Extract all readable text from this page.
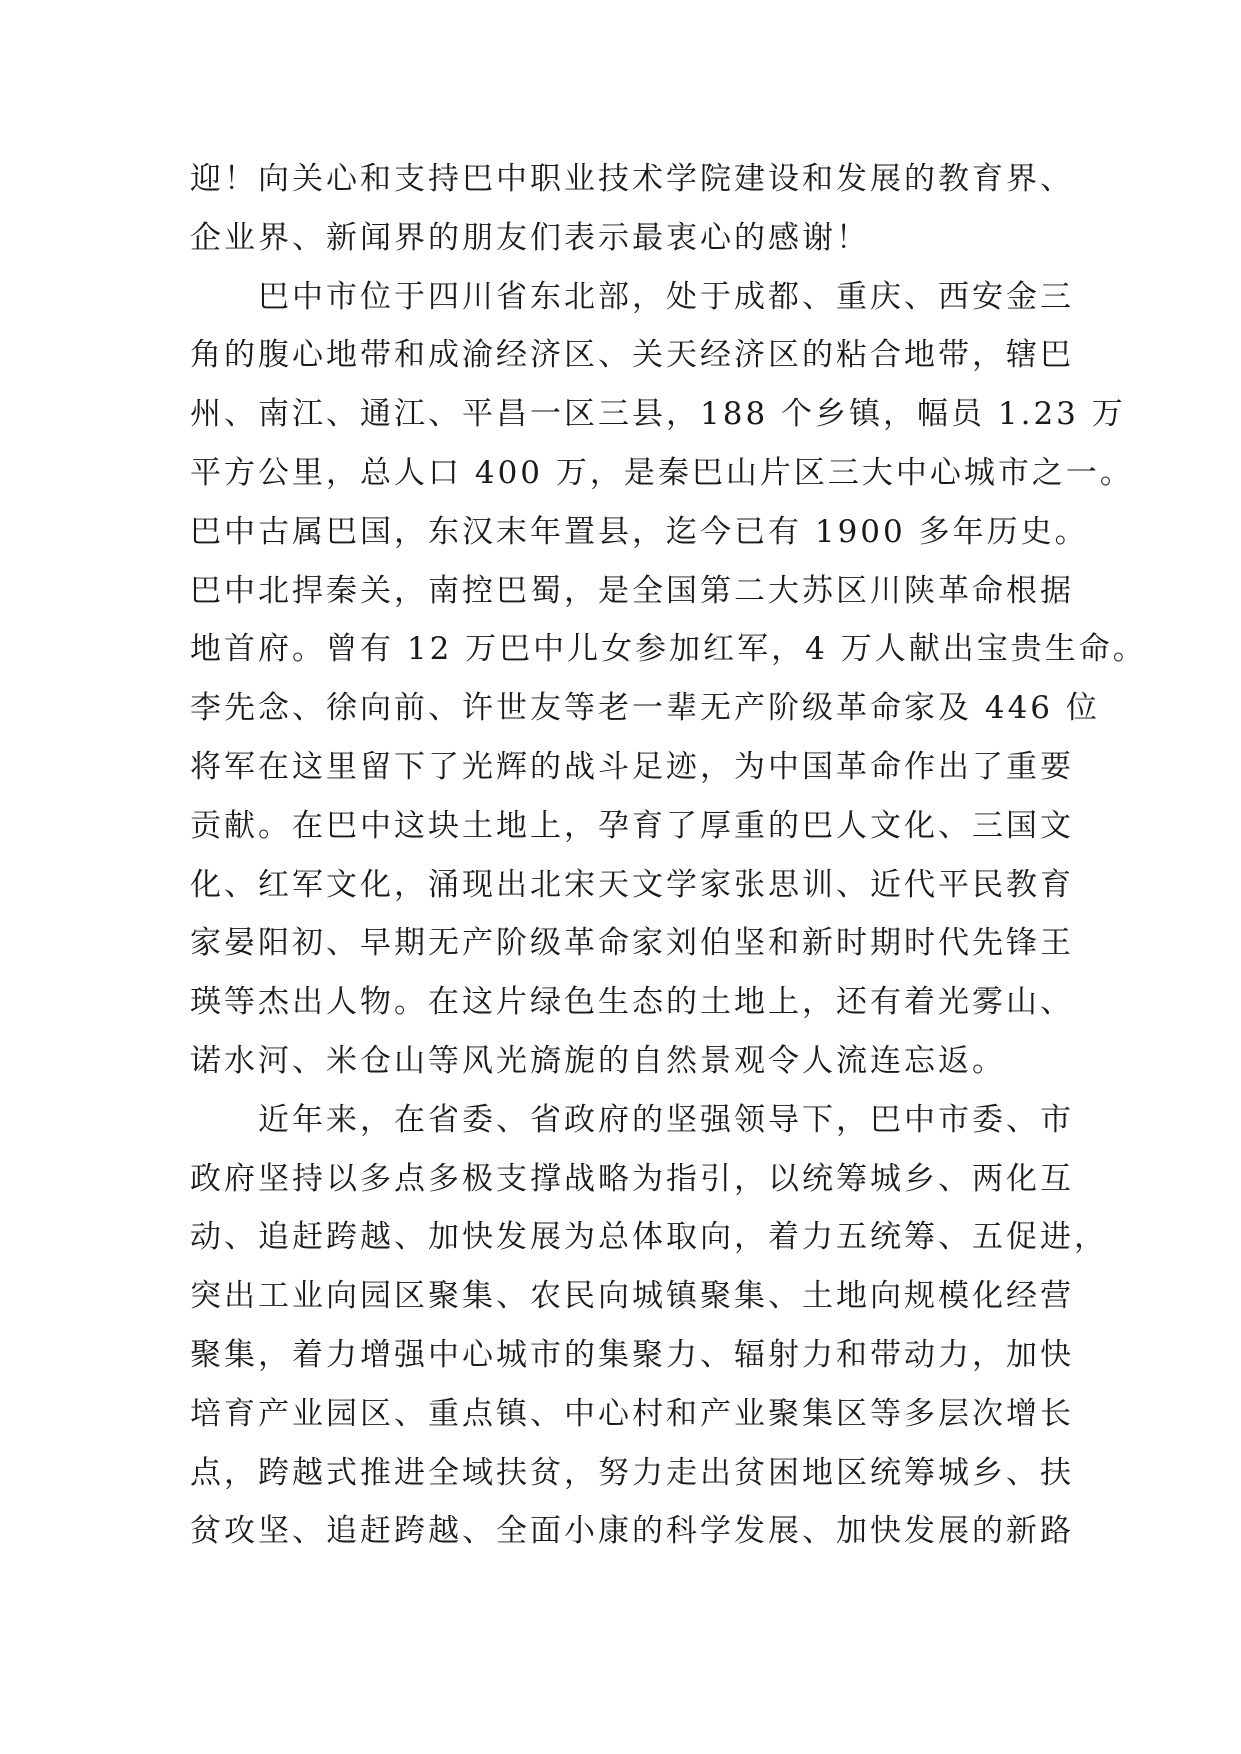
迎！向关心和支持巴中职业技术学院建设和发展的教育界、
企业界、新闻界的朋友们表示最衷心的感谢！
　　巴中市位于四川省东北部，处于成都、重庆、西安金三
角的腹心地带和成渝经济区、关天经济区的粘合地带，辖巴
州、南江、通江、平昌一区三县，188 个乡镇，幅员 1.23 万
平方公里，总人口 400 万，是秦巴山片区三大中心城市之一。
巴中古属巴国，东汉末年置县，迄今已有 1900 多年历史。
巴中北捍秦关，南控巴蜀，是全国第二大苏区川陕革命根据
地首府。曾有 12 万巴中儿女参加红军，4 万人献出宝贵生命。
李先念、徐向前、许世友等老一辈无产阶级革命家及 446 位
将军在这里留下了光辉的战斗足迹，为中国革命作出了重要
贡献。在巴中这块土地上，孕育了厚重的巴人文化、三国文
化、红军文化，涌现出北宋天文学家张思训、近代平民教育
家晏阳初、早期无产阶级革命家刘伯坚和新时期时代先锋王
瑛等杰出人物。在这片绿色生态的土地上，还有着光雾山、
诺水河、米仓山等风光旖旎的自然景观令人流连忘返。
　　近年来，在省委、省政府的坚强领导下，巴中市委、市
政府坚持以多点多极支撑战略为指引，以统筹城乡、两化互
动、追赶跨越、加快发展为总体取向，着力五统筹、五促进，
突出工业向园区聚集、农民向城镇聚集、土地向规模化经营
聚集，着力增强中心城市的集聚力、辐射力和带动力，加快
培育产业园区、重点镇、中心村和产业聚集区等多层次增长
点，跨越式推进全域扶贫，努力走出贫困地区统筹城乡、扶
贫攻坚、追赶跨越、全面小康的科学发展、加快发展的新路
